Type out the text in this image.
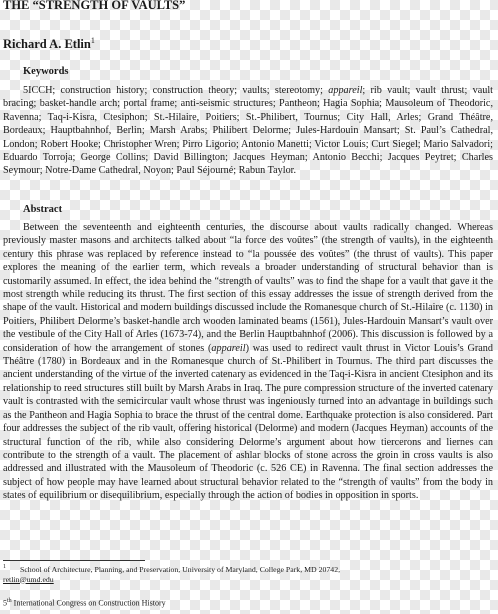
THE “STRENGTH OF VAULTS”

Richard A. Etlin$^1$

Keywords

5ICCH; construction history; construction theory; vaults; stereotomy; appareil; rib vault; vault thrust; vault bracing; basket-handle arch; portal frame; anti-seismic structures; Pantheon; Hagia Sophia; Mausoleum of Theodoric, Ravenna; Taq-i-Kisra, Ctesiphon; St.-Hilaire, Poitiers; St.-Philibert, Tournus; City Hall, Arles; Grand Théâtre, Bordeaux; Hauptbahnhof, Berlin; Marsh Arabs; Philibert Delorme; Jules-Hardouin Mansart; St. Paul’s Cathedral, London; Robert Hooke; Christopher Wren; Pirro Ligorio; Antonio Manetti; Victor Louis; Curt Siegel; Mario Salvadori; Eduardo Torroja; George Collins; David Billington; Jacques Heyman; Antonio Becchi; Jacques Peytret; Charles Seymour; Notre-Dame Cathedral, Noyon; Paul Séjourné; Rabun Taylor.

Abstract

Between the seventeenth and eighteenth centuries, the discourse about vaults radically changed. Whereas previously master masons and architects talked about “la force des voûtes” (the strength of vaults), in the eighteenth century this phrase was replaced by reference instead to “la poussée des voûtes” (the thrust of vaults). This paper explores the meaning of the earlier term, which reveals a broader understanding of structural behavior than is customarily assumed. In effect, the idea behind the “strength of vaults” was to find the shape for a vault that gave it the most strength while reducing its thrust. The first section of this essay addresses the issue of strength derived from the shape of the vault. Historical and modern buildings discussed include the Romanesque church of St.-Hilaire (c. 1130) in Poitiers, Philibert Delorme’s basket-handle arch wooden laminated beams (1561), Jules-Hardouin Mansart’s vault over the vestibule of the City Hall of Arles (1673-74), and the Berlin Hauptbahnhof (2006). This discussion is followed by a consideration of how the arrangement of stones (appareil) was used to redirect vault thrust in Victor Louis’s Grand Théâtre (1780) in Bordeaux and in the Romanesque church of St.-Philibert in Tournus. The third part discusses the ancient understanding of the virtue of the inverted catenary as evidenced in the Taq-i-Kisra in ancient Ctesiphon and its relationship to reed structures still built by Marsh Arabs in Iraq. The pure compression structure of the inverted catenary vault is contrasted with the semicircular vault whose thrust was ingeniously turned into an advantage in buildings such as the Pantheon and Hagia Sophia to brace the thrust of the central dome. Earthquake protection is also considered. Part four addresses the subject of the rib vault, offering historical (Delorme) and modern (Jacques Heyman) accounts of the structural function of the rib, while also considering Delorme’s argument about how tiercerons and liernes can contribute to the strength of a vault. The placement of ashlar blocks of stone across the groin in cross vaults is also addressed and illustrated with the Mausoleum of Theodoric (c. 526 CE) in Ravenna. The final section addresses the subject of how people may have learned about structural behavior related to the “strength of vaults” from the body in states of equilibrium or disequilibrium, especially through the action of bodies in opposition in sports.

$^1$ School of Architecture, Planning, and Preservation, University of Maryland, College Park, MD 20742,
retlin@umd.edu

5th International Congress on Construction History
